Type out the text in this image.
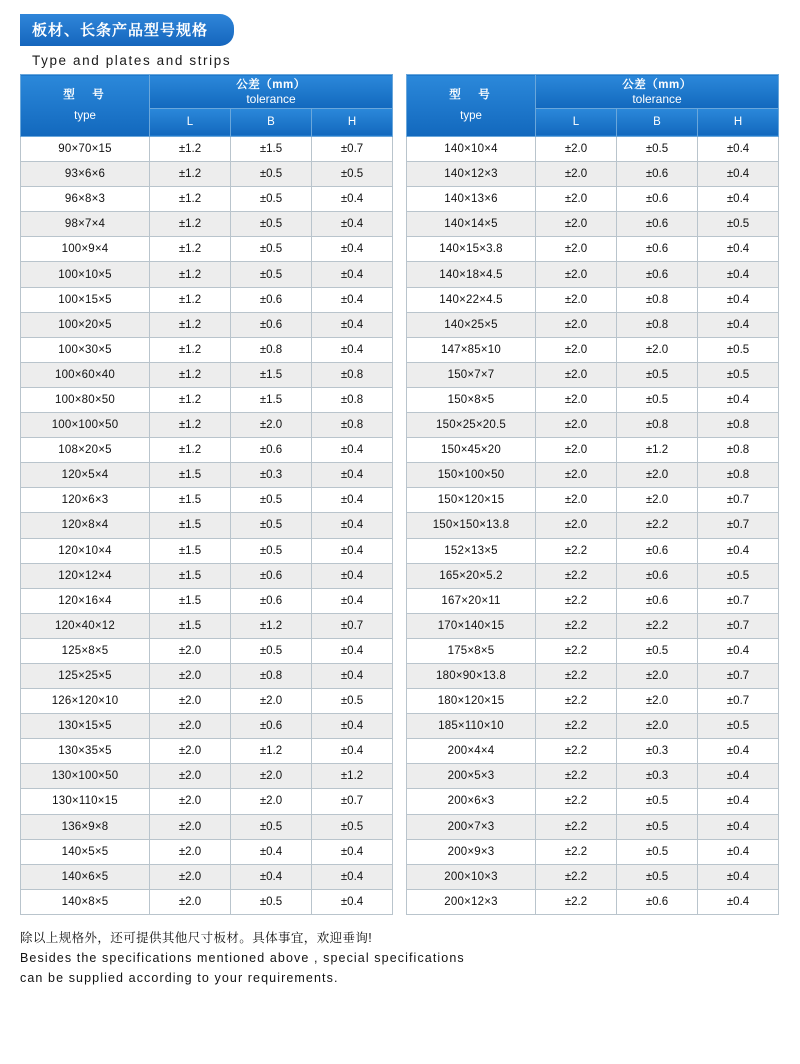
板材、长条产品型号规格
Type and plates and strips
型　号
type	公差（mm）
tolerance		

	L	B	H
90×70×15	±1.2	±1.5	±0.7
93×6×6	±1.2	±0.5	±0.5
96×8×3	±1.2	±0.5	±0.4
98×7×4	±1.2	±0.5	±0.4
100×9×4	±1.2	±0.5	±0.4
100×10×5	±1.2	±0.5	±0.4
100×15×5	±1.2	±0.6	±0.4
100×20×5	±1.2	±0.6	±0.4
100×30×5	±1.2	±0.8	±0.4
100×60×40	±1.2	±1.5	±0.8
100×80×50	±1.2	±1.5	±0.8
100×100×50	±1.2	±2.0	±0.8
108×20×5	±1.2	±0.6	±0.4
120×5×4	±1.5	±0.3	±0.4
120×6×3	±1.5	±0.5	±0.4
120×8×4	±1.5	±0.5	±0.4
120×10×4	±1.5	±0.5	±0.4
120×12×4	±1.5	±0.6	±0.4
120×16×4	±1.5	±0.6	±0.4
120×40×12	±1.5	±1.2	±0.7
125×8×5	±2.0	±0.5	±0.4
125×25×5	±2.0	±0.8	±0.4
126×120×10	±2.0	±2.0	±0.5
130×15×5	±2.0	±0.6	±0.4
130×35×5	±2.0	±1.2	±0.4
130×100×50	±2.0	±2.0	±1.2
130×110×15	±2.0	±2.0	±0.7
136×9×8	±2.0	±0.5	±0.5
140×5×5	±2.0	±0.4	±0.4
140×6×5	±2.0	±0.4	±0.4
140×8×5	±2.0	±0.5	±0.4
型　号
type	公差（mm）
tolerance		

	L	B	H
140×10×4	±2.0	±0.5	±0.4
140×12×3	±2.0	±0.6	±0.4
140×13×6	±2.0	±0.6	±0.4
140×14×5	±2.0	±0.6	±0.5
140×15×3.8	±2.0	±0.6	±0.4
140×18×4.5	±2.0	±0.6	±0.4
140×22×4.5	±2.0	±0.8	±0.4
140×25×5	±2.0	±0.8	±0.4
147×85×10	±2.0	±2.0	±0.5
150×7×7	±2.0	±0.5	±0.5
150×8×5	±2.0	±0.5	±0.4
150×25×20.5	±2.0	±0.8	±0.8
150×45×20	±2.0	±1.2	±0.8
150×100×50	±2.0	±2.0	±0.8
150×120×15	±2.0	±2.0	±0.7
150×150×13.8	±2.0	±2.2	±0.7
152×13×5	±2.2	±0.6	±0.4
165×20×5.2	±2.2	±0.6	±0.5
167×20×11	±2.2	±0.6	±0.7
170×140×15	±2.2	±2.2	±0.7
175×8×5	±2.2	±0.5	±0.4
180×90×13.8	±2.2	±2.0	±0.7
180×120×15	±2.2	±2.0	±0.7
185×110×10	±2.2	±2.0	±0.5
200×4×4	±2.2	±0.3	±0.4
200×5×3	±2.2	±0.3	±0.4
200×6×3	±2.2	±0.5	±0.4
200×7×3	±2.2	±0.5	±0.4
200×9×3	±2.2	±0.5	±0.4
200×10×3	±2.2	±0.5	±0.4
200×12×3	±2.2	±0.6	±0.4
除以上规格外，还可提供其他尺寸板材。具体事宜，欢迎垂询!
Besides the specifications mentioned above , special specifications
can be supplied according to your requirements.
